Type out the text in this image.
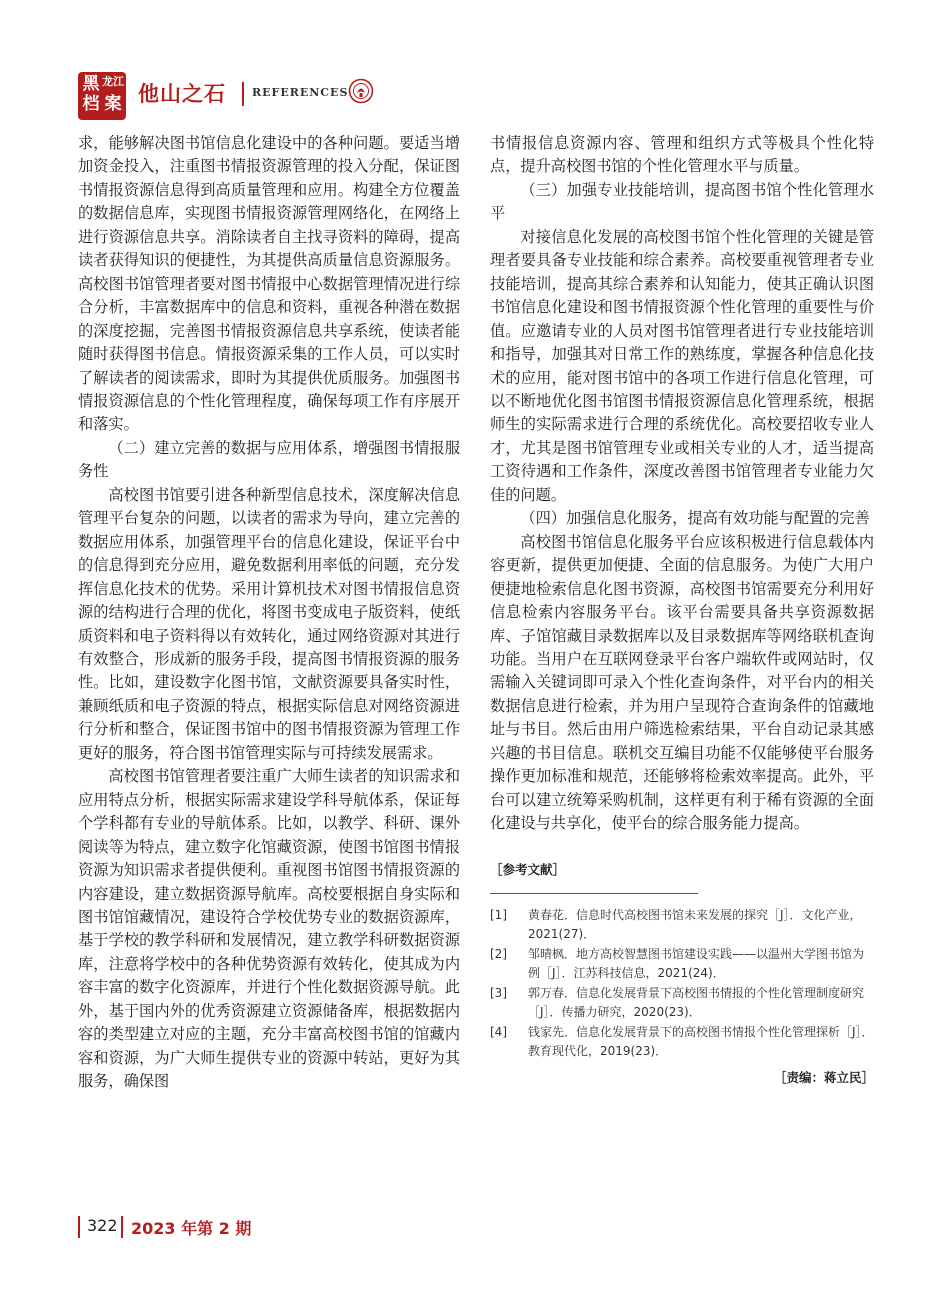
黑 龙江
档 案 他山之石 REFERENCES

求，能够解决图书馆信息化建设中的各种问题。要适当增加资金投入，注重图书情报资源管理的投入分配，保证图书情报资源信息得到高质量管理和应用。构建全方位覆盖的数据信息库，实现图书情报资源管理网络化，在网络上进行资源信息共享。消除读者自主找寻资料的障碍，提高读者获得知识的便捷性，为其提供高质量信息资源服务。高校图书馆管理者要对图书情报中心数据管理情况进行综合分析，丰富数据库中的信息和资料，重视各种潜在数据的深度挖掘，完善图书情报资源信息共享系统，使读者能随时获得图书信息。情报资源采集的工作人员，可以实时了解读者的阅读需求，即时为其提供优质服务。加强图书情报资源信息的个性化管理程度，确保每项工作有序展开和落实。

（二）建立完善的数据与应用体系，增强图书情报服务性

高校图书馆要引进各种新型信息技术，深度解决信息管理平台复杂的问题，以读者的需求为导向，建立完善的数据应用体系，加强管理平台的信息化建设，保证平台中的信息得到充分应用，避免数据利用率低的问题，充分发挥信息化技术的优势。采用计算机技术对图书情报信息资源的结构进行合理的优化，将图书变成电子版资料，使纸质资料和电子资料得以有效转化，通过网络资源对其进行有效整合，形成新的服务手段，提高图书情报资源的服务性。比如，建设数字化图书馆，文献资源要具备实时性，兼顾纸质和电子资源的特点，根据实际信息对网络资源进行分析和整合，保证图书馆中的图书情报资源为管理工作更好的服务，符合图书馆管理实际与可持续发展需求。

高校图书馆管理者要注重广大师生读者的知识需求和应用特点分析，根据实际需求建设学科导航体系，保证每个学科都有专业的导航体系。比如，以教学、科研、课外阅读等为特点，建立数字化馆藏资源，使图书馆图书情报资源为知识需求者提供便利。重视图书馆图书情报资源的内容建设，建立数据资源导航库。高校要根据自身实际和图书馆馆藏情况，建设符合学校优势专业的数据资源库，基于学校的教学科研和发展情况，建立教学科研数据资源库，注意将学校中的各种优势资源有效转化，使其成为内容丰富的数字化资源库，并进行个性化数据资源导航。此外，基于国内外的优秀资源建立资源储备库，根据数据内容的类型建立对应的主题，充分丰富高校图书馆的馆藏内容和资源，为广大师生提供专业的资源中转站，更好为其服务，确保图

书情报信息资源内容、管理和组织方式等极具个性化特点，提升高校图书馆的个性化管理水平与质量。

（三）加强专业技能培训，提高图书馆个性化管理水平

对接信息化发展的高校图书馆个性化管理的关键是管理者要具备专业技能和综合素养。高校要重视管理者专业技能培训，提高其综合素养和认知能力，使其正确认识图书馆信息化建设和图书情报资源个性化管理的重要性与价值。应邀请专业的人员对图书馆管理者进行专业技能培训和指导，加强其对日常工作的熟练度，掌握各种信息化技术的应用，能对图书馆中的各项工作进行信息化管理，可以不断地优化图书馆图书情报资源信息化管理系统，根据师生的实际需求进行合理的系统优化。高校要招收专业人才，尤其是图书馆管理专业或相关专业的人才，适当提高工资待遇和工作条件，深度改善图书馆管理者专业能力欠佳的问题。

（四）加强信息化服务，提高有效功能与配置的完善

高校图书馆信息化服务平台应该积极进行信息载体内容更新，提供更加便捷、全面的信息服务。为使广大用户便捷地检索信息化图书资源，高校图书馆需要充分利用好信息检索内容服务平台。该平台需要具备共享资源数据库、子馆馆藏目录数据库以及目录数据库等网络联机查询功能。当用户在互联网登录平台客户端软件或网站时，仅需输入关键词即可录入个性化查询条件，对平台内的相关数据信息进行检索，并为用户呈现符合查询条件的馆藏地址与书目。然后由用户筛选检索结果，平台自动记录其感兴趣的书目信息。联机交互编目功能不仅能够使平台服务操作更加标准和规范，还能够将检索效率提高。此外，平台可以建立统筹采购机制，这样更有利于稀有资源的全面化建设与共享化，使平台的综合服务能力提高。

［参考文献］
[1]	黄春花．信息时代高校图书馆未来发展的探究［J］．文化产业，2021(27)．
[2]	邹晴枫．地方高校智慧图书馆建设实践——以温州大学图书馆为例［J］．江苏科技信息，2021(24)．
[3]	郭万春．信息化发展背景下高校图书情报的个性化管理制度研究［J］．传播力研究，2020(23)．
[4]	钱家先．信息化发展背景下的高校图书情报个性化管理探析［J］．教育现代化，2019(23)．
［责编：蒋立民］
322 2023 年第 2 期
